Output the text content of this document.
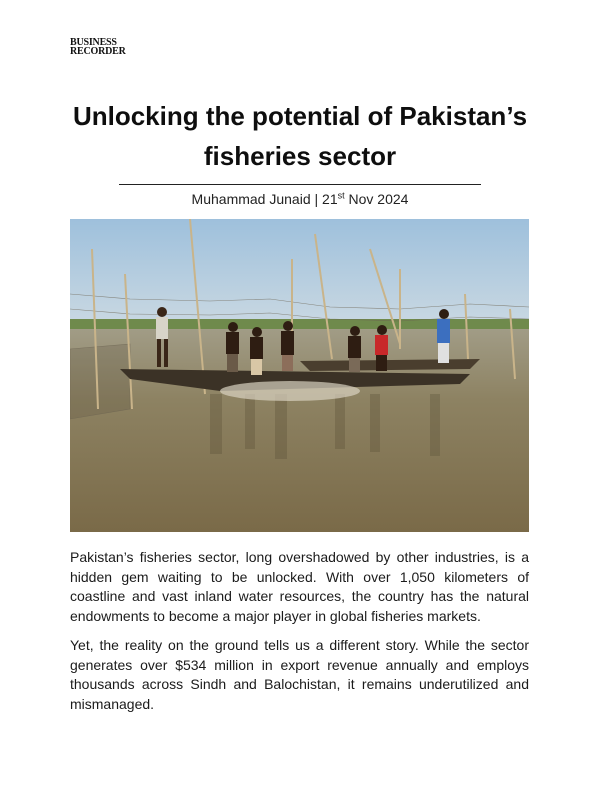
BUSINESS
RECORDER
Unlocking the potential of Pakistan’s fisheries sector
Muhammad Junaid | 21st Nov 2024

Pakistan’s fisheries sector, long overshadowed by other industries, is a hidden gem waiting to be unlocked. With over 1,050 kilometers of coastline and vast inland water resources, the country has the natural endowments to become a major player in global fisheries markets.

Yet, the reality on the ground tells us a different story. While the sector generates over $534 million in export revenue annually and employs thousands across Sindh and Balochistan, it remains underutilized and mismanaged.
